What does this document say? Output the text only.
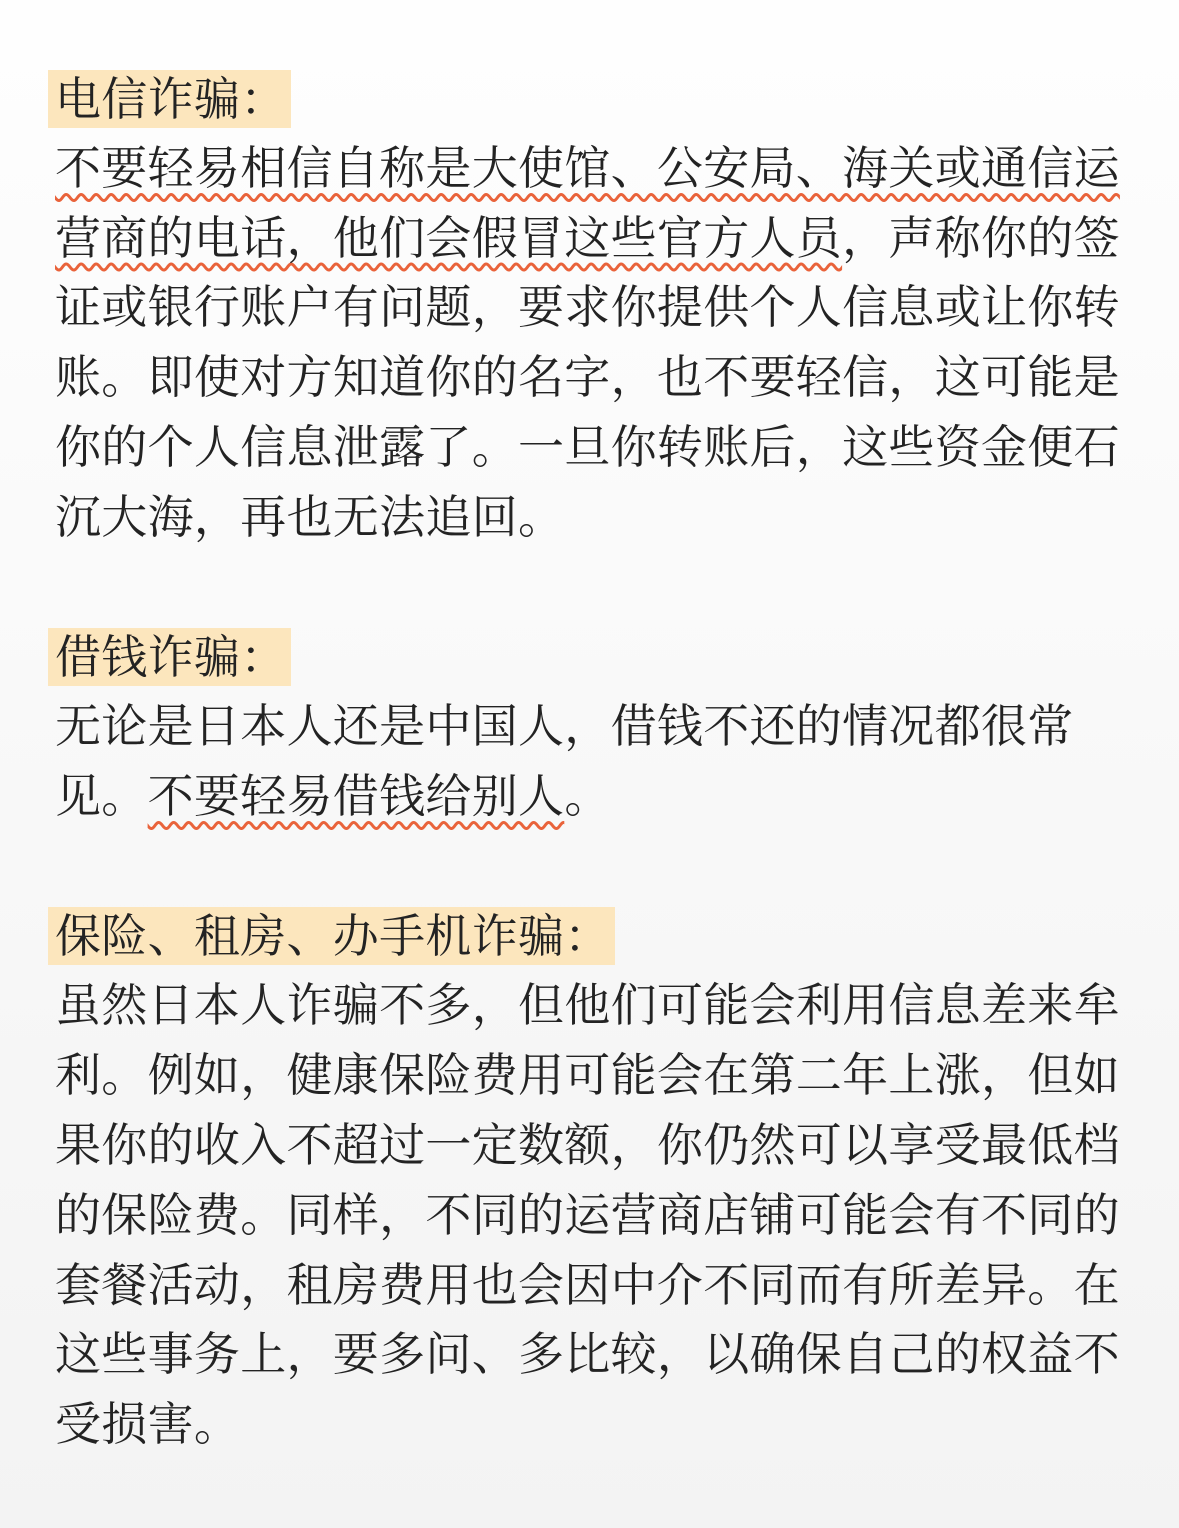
电信诈骗：
不要轻易相信自称是大使馆、公安局、海关或通信运
营商的电话，他们会假冒这些官方人员，声称你的签
证或银行账户有问题，要求你提供个人信息或让你转
账。即使对方知道你的名字，也不要轻信，这可能是
你的个人信息泄露了。一旦你转账后，这些资金便石
沉大海，再也无法追回。
借钱诈骗：
无论是日本人还是中国人，借钱不还的情况都很常
见。不要轻易借钱给别人。
保险、租房、办手机诈骗：
虽然日本人诈骗不多，但他们可能会利用信息差来牟
利。例如，健康保险费用可能会在第二年上涨，但如
果你的收入不超过一定数额，你仍然可以享受最低档
的保险费。同样，不同的运营商店铺可能会有不同的
套餐活动，租房费用也会因中介不同而有所差异。在
这些事务上，要多问、多比较，以确保自己的权益不
受损害。
